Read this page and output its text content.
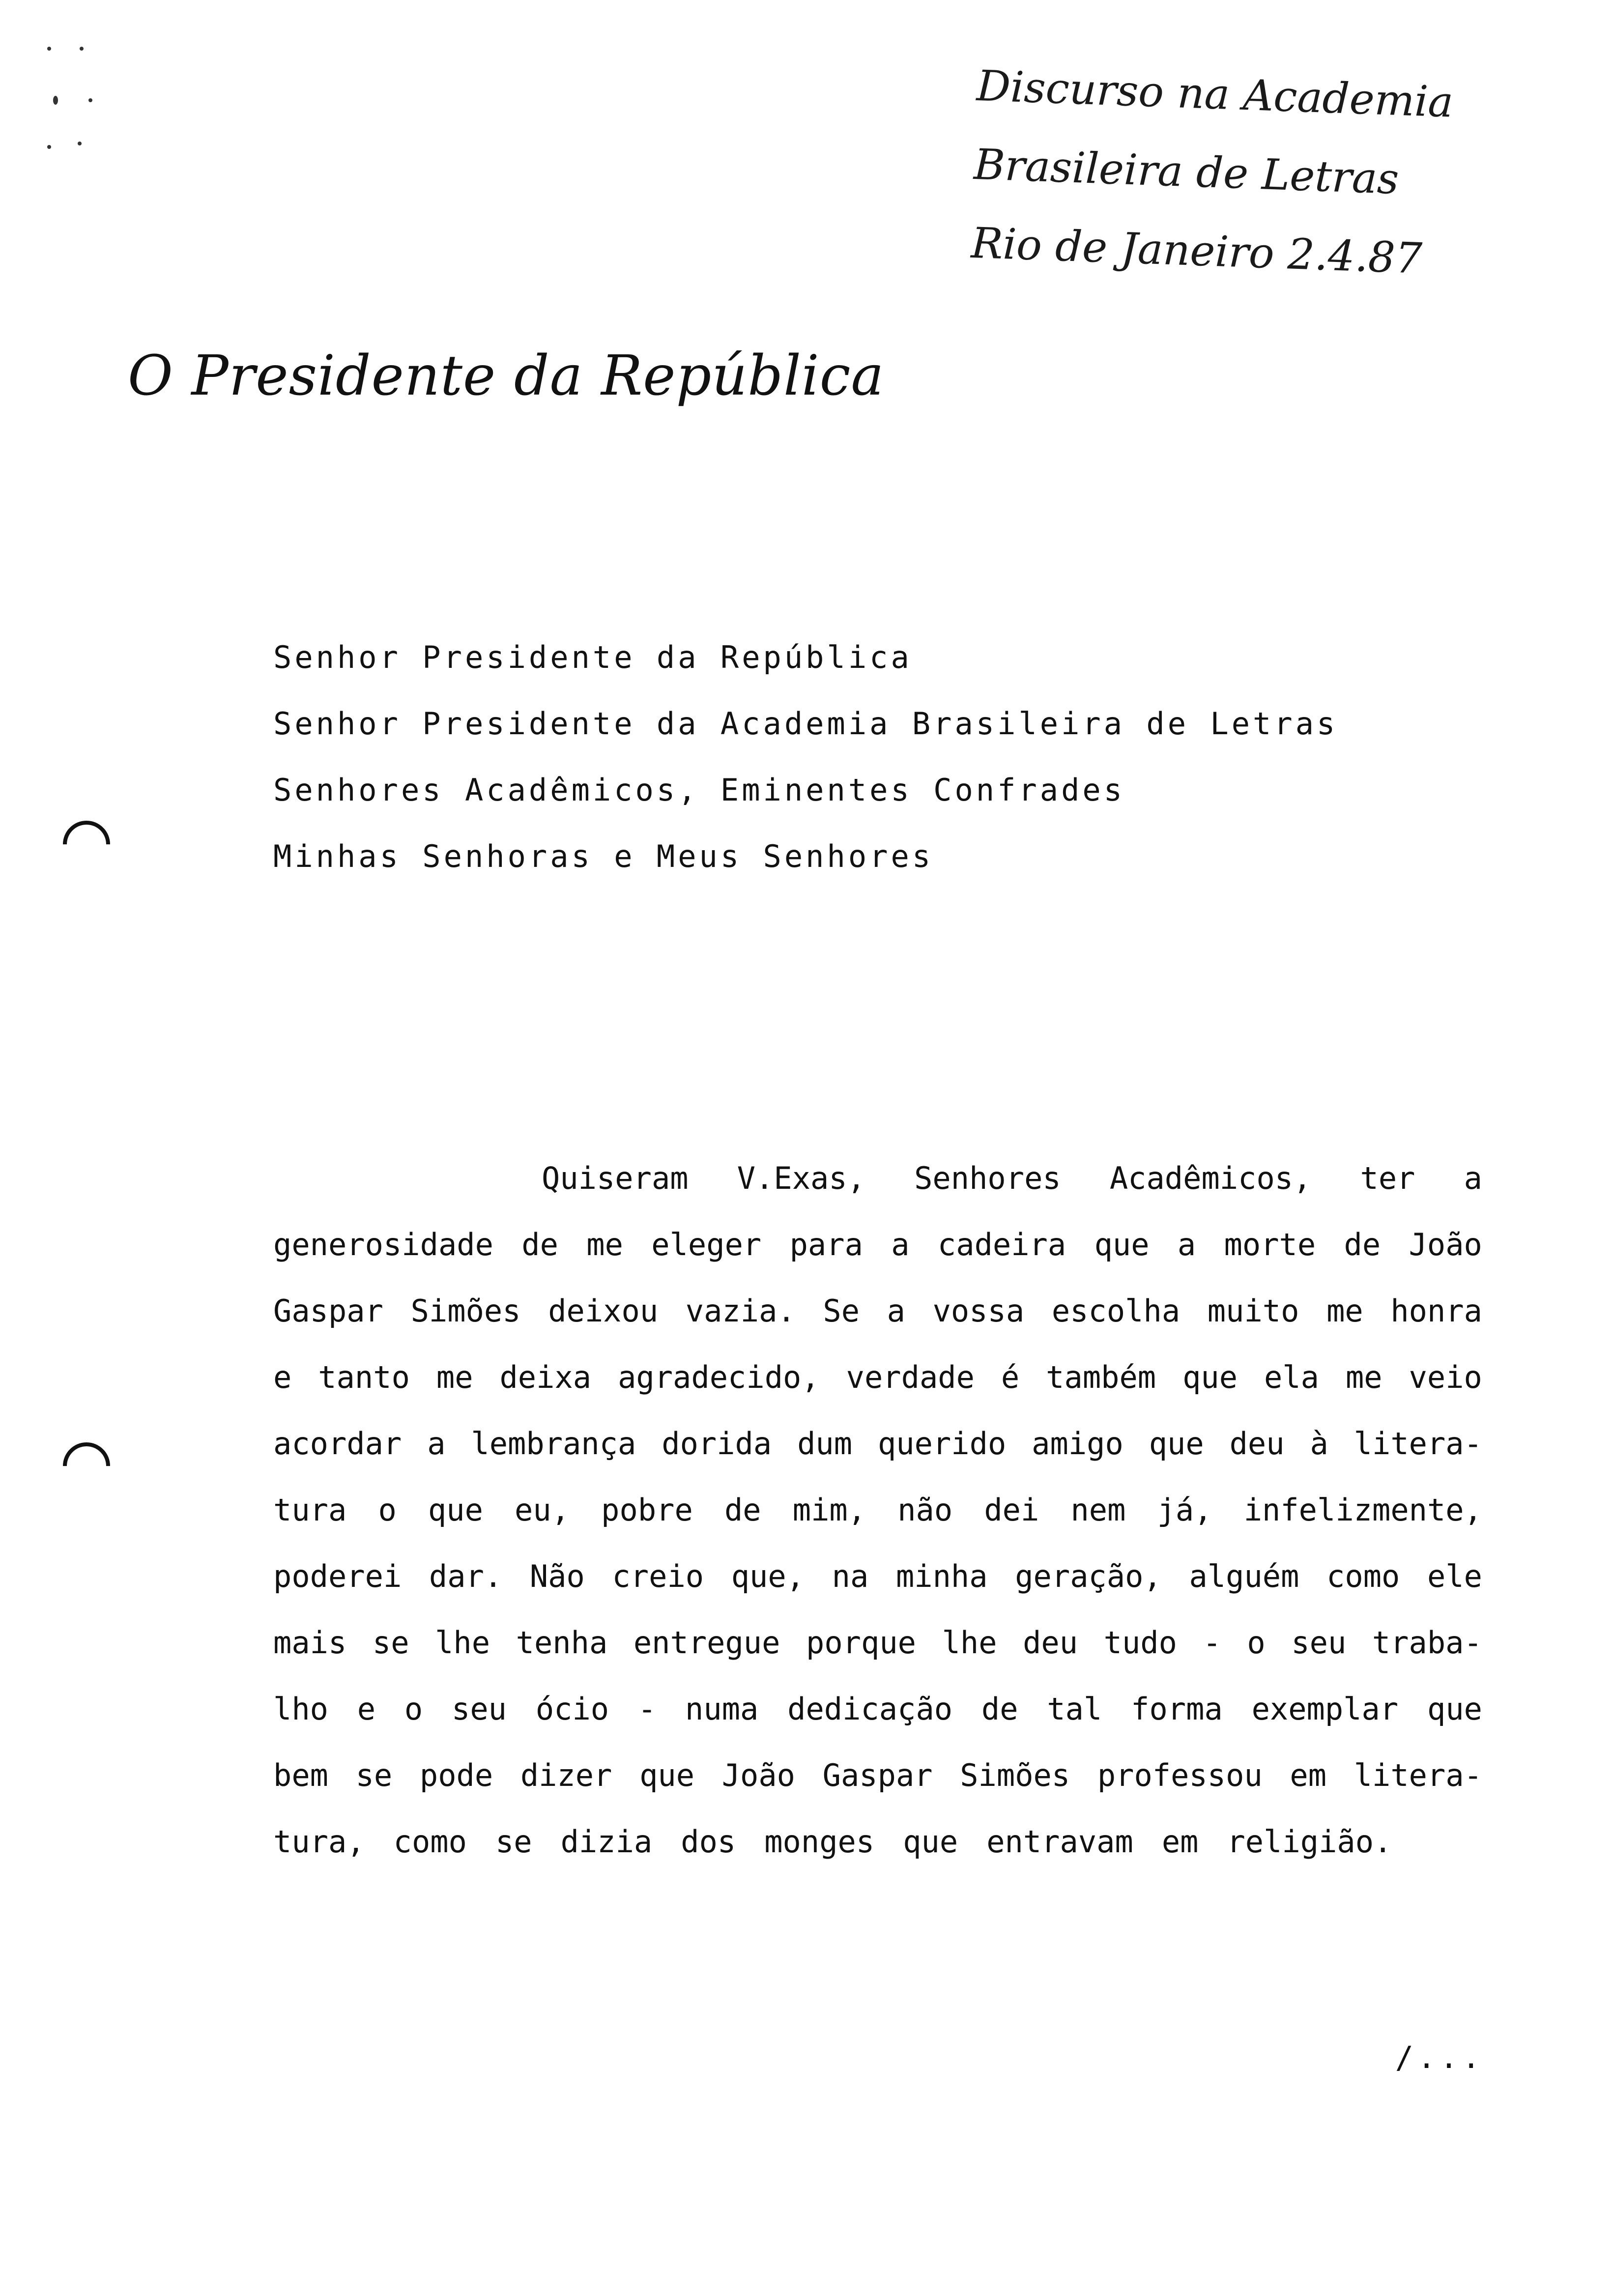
Discurso na Academia
Brasileira de Letras
Rio de Janeiro 2.4.87
O Presidente da República
Senhor Presidente da República
Senhor Presidente da Academia Brasileira de Letras
Senhores Acadêmicos, Eminentes Confrades
Minhas Senhoras e Meus Senhores
Quiseram V.Exas, Senhores Acadêmicos, ter a
generosidade de me eleger para a cadeira que a morte de João
Gaspar Simões deixou vazia. Se a vossa escolha muito me honra
e tanto me deixa agradecido, verdade é também que ela me veio
acordar a lembrança dorida dum querido amigo que deu à litera-
tura o que eu, pobre de mim, não dei nem já, infelizmente,
poderei dar. Não creio que, na minha geração, alguém como ele
mais se lhe tenha entregue porque lhe deu tudo - o seu traba-
lho e o seu ócio - numa dedicação de tal forma exemplar que
bem se pode dizer que João Gaspar Simões professou em litera-
tura, como se dizia dos monges que entravam em religião.
/...
